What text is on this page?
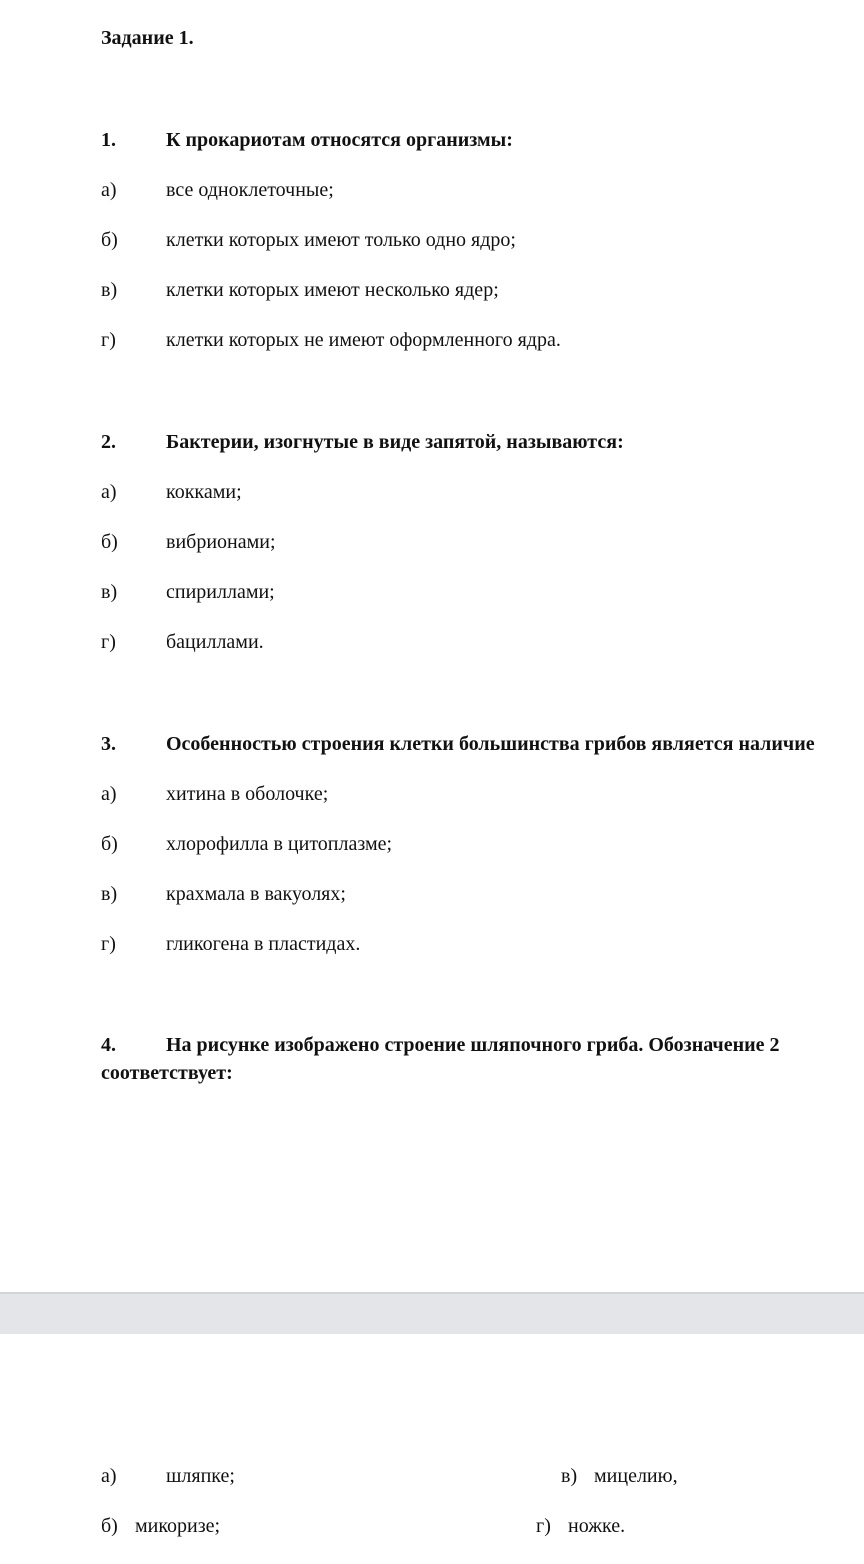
Задание 1.
1.	К прокариотам относятся организмы:
а) все одноклеточные;
б) клетки которых имеют только одно ядро;
в) клетки которых имеют несколько ядер;
г)	клетки которых не имеют оформленного ядра.
2.	Бактерии, изогнутые в виде запятой, называются:
а) кокками;
б) вибрионами;
в) спириллами;
г)	бациллами.
3.	Особенностью строения клетки большинства грибов является наличие
а) хитина в оболочке;
б) хлорофилла в цитоплазме;
в) крахмала в вакуолях;
г)	гликогена в пластидах.
4.	На рисунке изображено строение шляпочного гриба. Обозначение 2
соответствует:
а) шляпке;	в) мицелию,
б) микоризе;	г) ножке.
